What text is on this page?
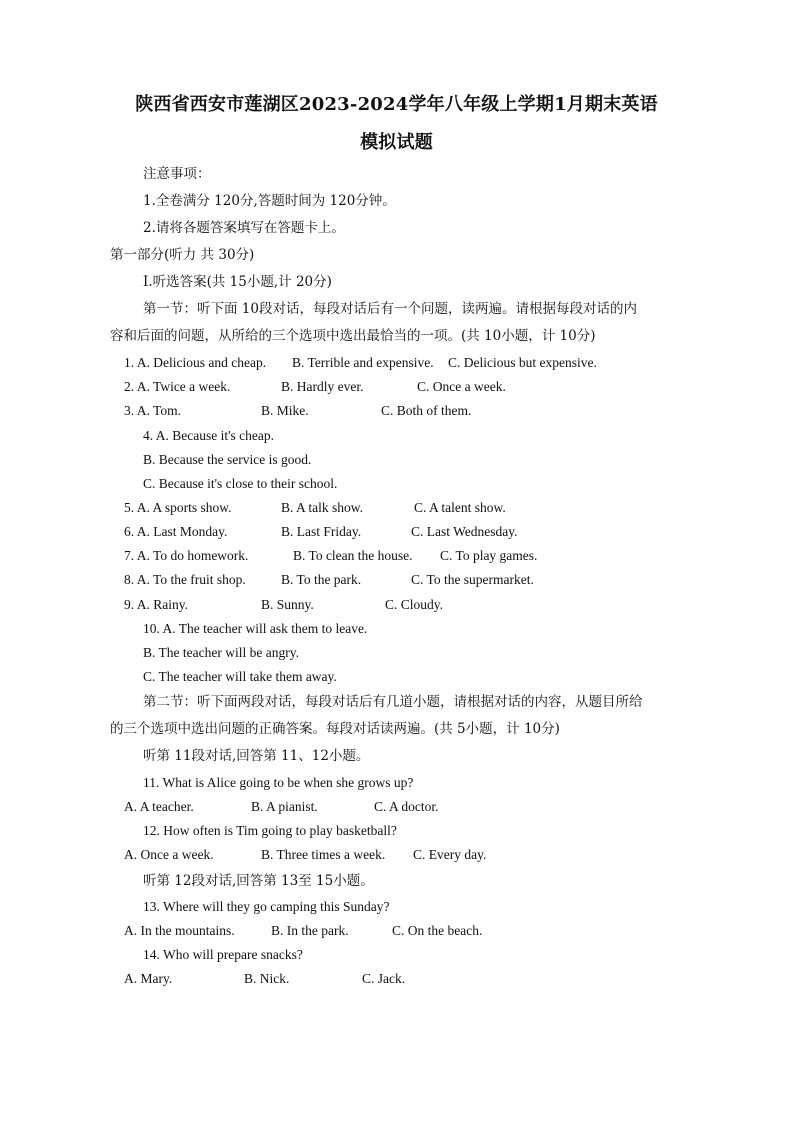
陕西省西安市莲湖区2023-2024学年八年级上学期1月期末英语
模拟试题
注意事项：
1.全卷满分 120分,答题时间为 120分钟。
2.请将各题答案填写在答题卡上。
第一部分(听力 共 30分)
Ⅰ.听选答案(共 15小题,计 20分)
第一节：听下面 10段对话，每段对话后有一个问题，读两遍。请根据每段对话的内
容和后面的问题，从所给的三个选项中选出最恰当的一项。(共 10小题，计 10分)
1. A. Delicious and cheap. B. Terrible and expensive. C. Delicious but expensive.
2. A. Twice a week.	B. Hardly ever.	C. Once a week.
3. A. Tom.	B. Mike.	C. Both of them.
4. A. Because it's cheap.
B. Because the service is good.
C. Because it's close to their school.
5. A. A sports show.	B. A talk show.	C. A talent show.
6. A. Last Monday.	B. Last Friday.	C. Last Wednesday.
7. A. To do homework.	B. To clean the house. C. To play games.
8. A. To the fruit shop.	B. To the park.	C. To the supermarket.
9. A. Rainy.	B. Sunny.	C. Cloudy.
10. A. The teacher will ask them to leave.
B. The teacher will be angry.
C. The teacher will take them away.
第二节：听下面两段对话，每段对话后有几道小题，请根据对话的内容，从题目所给
的三个选项中选出问题的正确答案。每段对话读两遍。(共 5小题，计 10分)
听第 11段对话,回答第 11、12小题。
11. What is Alice going to be when she grows up?
A. A teacher.	B. A pianist.	C. A doctor.
12. How often is Tim going to play basketball?
A. Once a week.	B. Three times a week. C. Every day.
听第 12段对话,回答第 13至 15小题。
13. Where will they go camping this Sunday?
A. In the mountains.	B. In the park.	C. On the beach.
14. Who will prepare snacks?
A. Mary.	B. Nick.	C. Jack.
